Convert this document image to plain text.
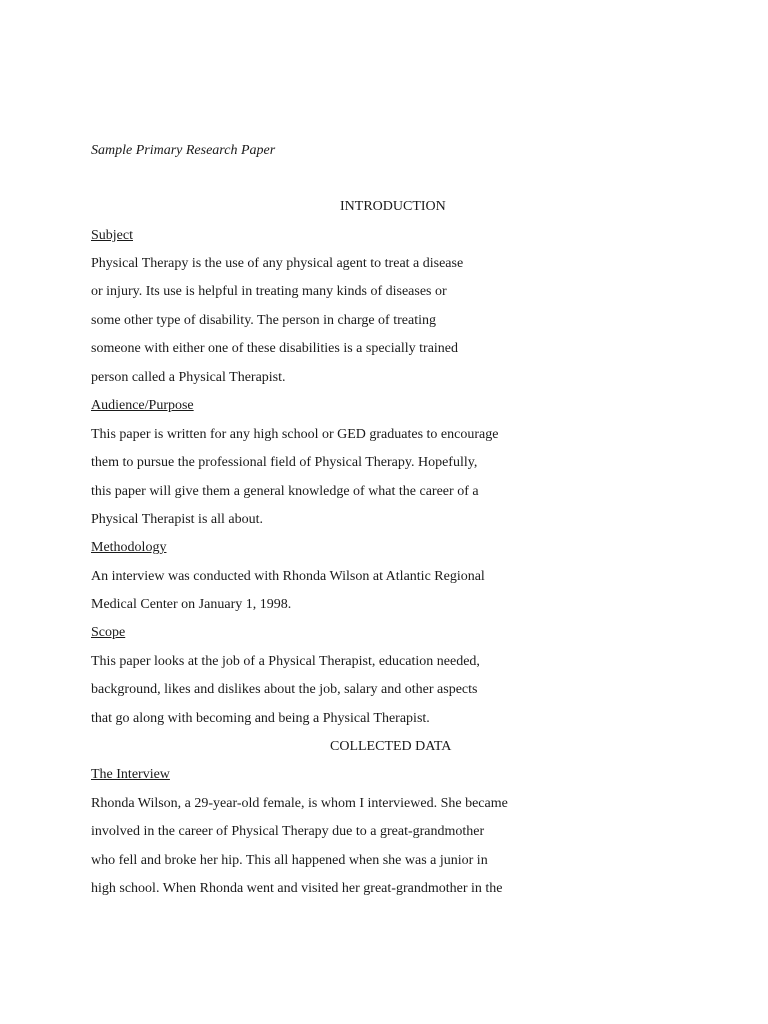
Sample Primary Research Paper
INTRODUCTION
Subject
Physical Therapy is the use of any physical agent to treat a disease
or injury. Its use is helpful in treating many kinds of diseases or
some other type of disability. The person in charge of treating
someone with either one of these disabilities is a specially trained
person called a Physical Therapist.
Audience/Purpose
This paper is written for any high school or GED graduates to encourage
them to pursue the professional field of Physical Therapy. Hopefully,
this paper will give them a general knowledge of what the career of a
Physical Therapist is all about.
Methodology
An interview was conducted with Rhonda Wilson at Atlantic Regional
Medical Center on January 1, 1998.
Scope
This paper looks at the job of a Physical Therapist, education needed,
background, likes and dislikes about the job, salary and other aspects
that go along with becoming and being a Physical Therapist.
COLLECTED DATA
The Interview
Rhonda Wilson, a 29-year-old female, is whom I interviewed. She became
involved in the career of Physical Therapy due to a great-grandmother
who fell and broke her hip. This all happened when she was a junior in
high school. When Rhonda went and visited her great-grandmother in the
